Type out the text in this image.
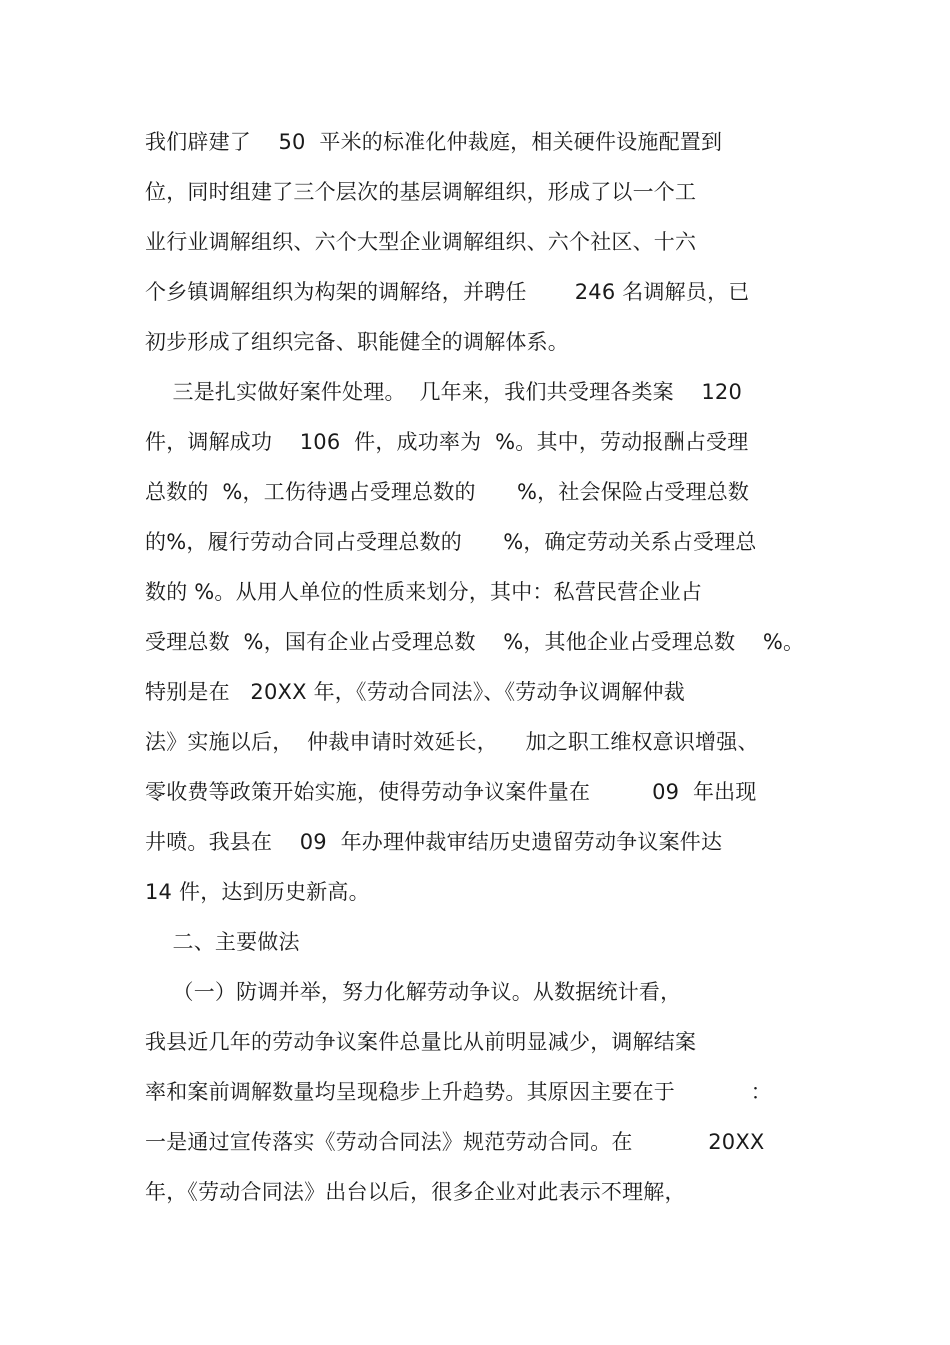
我们辟建了    50  平米的标准化仲裁庭，相关硬件设施配置到
位，同时组建了三个层次的基层调解组织，形成了以一个工
业行业调解组织、六个大型企业调解组织、六个社区、十六
个乡镇调解组织为构架的调解络，并聘任       246 名调解员，已
初步形成了组织完备、职能健全的调解体系。
三是扎实做好案件处理。  几年来，我们共受理各类案    120
件，调解成功    106  件，成功率为  %。其中，劳动报酬占受理
总数的  %，工伤待遇占受理总数的      %，社会保险占受理总数
的%，履行劳动合同占受理总数的      %，确定劳动关系占受理总
数的 %。从用人单位的性质来划分，其中：私营民营企业占
受理总数  %，国有企业占受理总数    %，其他企业占受理总数    %。
特别是在   20XX 年，《劳动合同法》、《劳动争议调解仲裁
法》实施以后，  仲裁申请时效延长，    加之职工维权意识增强、
零收费等政策开始实施，使得劳动争议案件量在         09  年出现
井喷。我县在    09  年办理仲裁审结历史遗留劳动争议案件达
14 件，达到历史新高。
二、主要做法
（一）防调并举，努力化解劳动争议。从数据统计看，
我县近几年的劳动争议案件总量比从前明显减少，调解结案
率和案前调解数量均呈现稳步上升趋势。其原因主要在于           ：
一是通过宣传落实《劳动合同法》规范劳动合同。在           20XX
年，《劳动合同法》出台以后，很多企业对此表示不理解，
